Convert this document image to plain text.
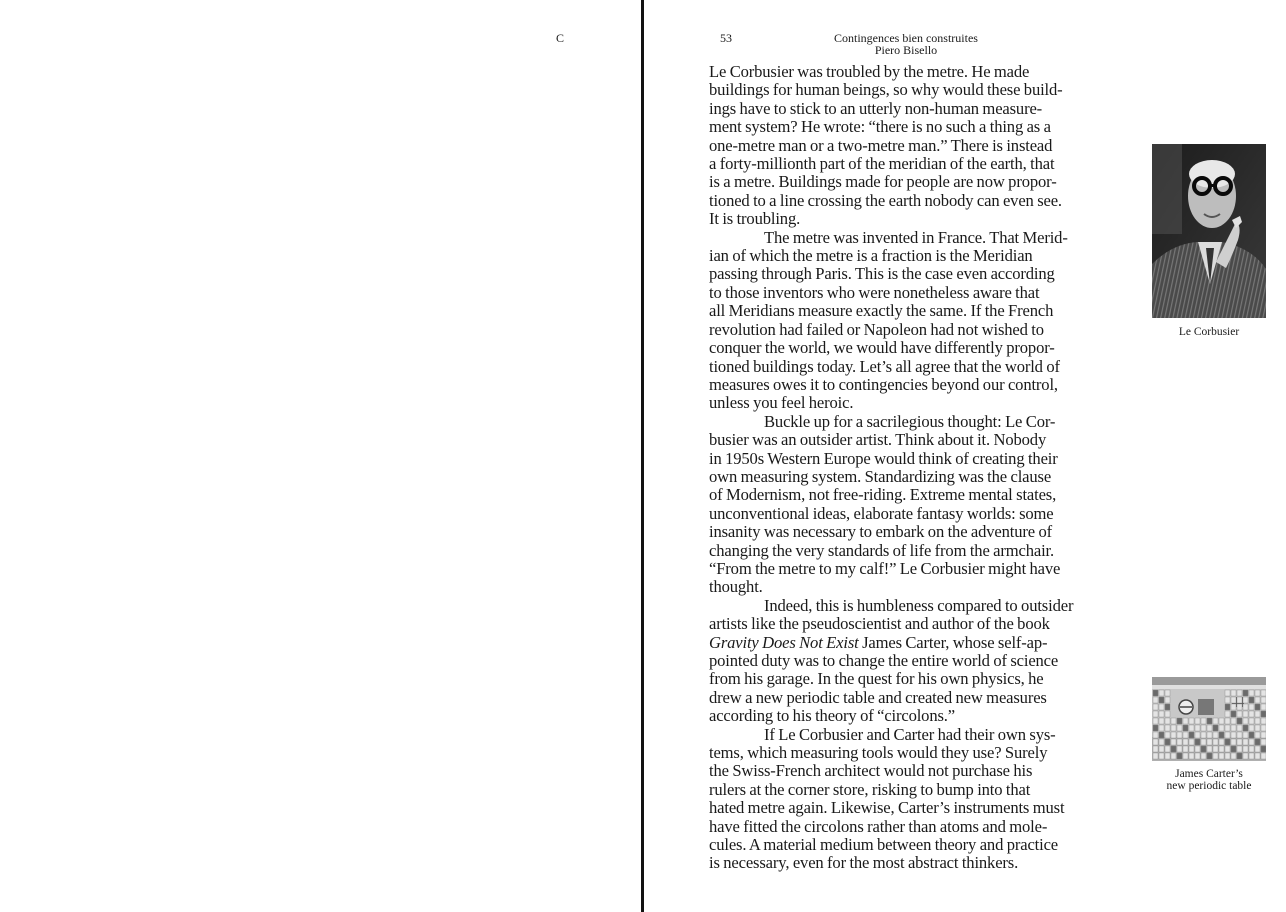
C	53	Contingences bien construites
Piero Bisello

Le Corbusier was troubled by the metre. He made
buildings for human beings, so why would these build-
ings have to stick to an utterly non-human measure-
ment system? He wrote: “there is no such a thing as a
one-metre man or a two-metre man.” There is instead
a forty-millionth part of the meridian of the earth, that
is a metre. Buildings made for people are now propor-
tioned to a line crossing the earth nobody can even see.
It is troubling.

The metre was invented in France. That Merid-
ian of which the metre is a fraction is the Meridian
passing through Paris. This is the case even according
to those inventors who were nonetheless aware that
all Meridians measure exactly the same. If the French
revolution had failed or Napoleon had not wished to
conquer the world, we would have differently propor-
tioned buildings today. Let’s all agree that the world of
measures owes it to contingencies beyond our control,
unless you feel heroic.

Buckle up for a sacrilegious thought: Le Cor-
busier was an outsider artist. Think about it. Nobody
in 1950s Western Europe would think of creating their
own measuring system. Standardizing was the clause
of Modernism, not free-riding. Extreme mental states,
unconventional ideas, elaborate fantasy worlds: some
insanity was necessary to embark on the adventure of
changing the very standards of life from the armchair.
“From the metre to my calf!” Le Corbusier might have
thought.

Indeed, this is humbleness compared to outsider
artists like the pseudoscientist and author of the book
Gravity Does Not Exist James Carter, whose self-ap-
pointed duty was to change the entire world of science
from his garage. In the quest for his own physics, he
drew a new periodic table and created new measures
according to his theory of “circolons.”

If Le Corbusier and Carter had their own sys-
tems, which measuring tools would they use? Surely
the Swiss-French architect would not purchase his
rulers at the corner store, risking to bump into that
hated metre again. Likewise, Carter’s instruments must
have fitted the circolons rather than atoms and mole-
cules. A material medium between theory and practice
is necessary, even for the most abstract thinkers.

Le Corbusier
James Carter’s
new periodic table
